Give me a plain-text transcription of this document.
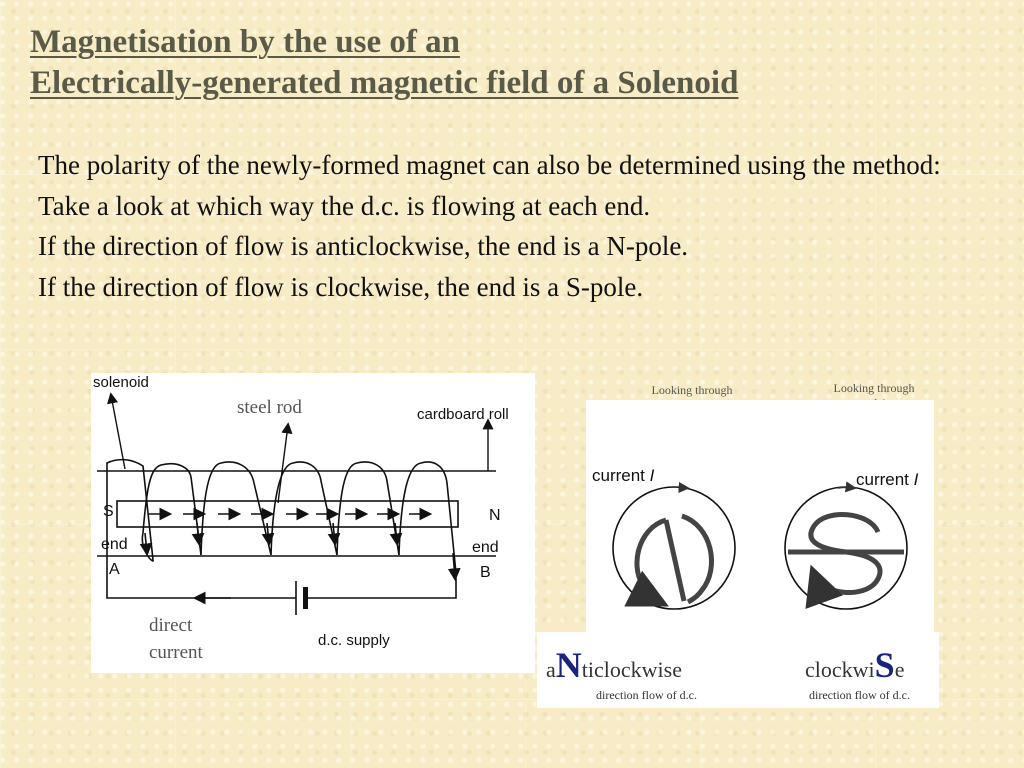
Magnetisation by the use of an
Electrically-generated magnetic field of a Solenoid

The polarity of the newly-formed magnet can also be determined using the method:

Take a look at which way the d.c. is flowing at each end.

If the direction of flow is anticlockwise, the end is a N-pole.

If the direction of flow is clockwise, the end is a S-pole.

solenoid
steel rod	cardboard roll
S	N
end
A
end
B
direct
current
d.c. supply
Looking through	Looking through
current I	current I
aNticlockwise
direction flow of d.c.
clockwiSe
direction flow of d.c.
